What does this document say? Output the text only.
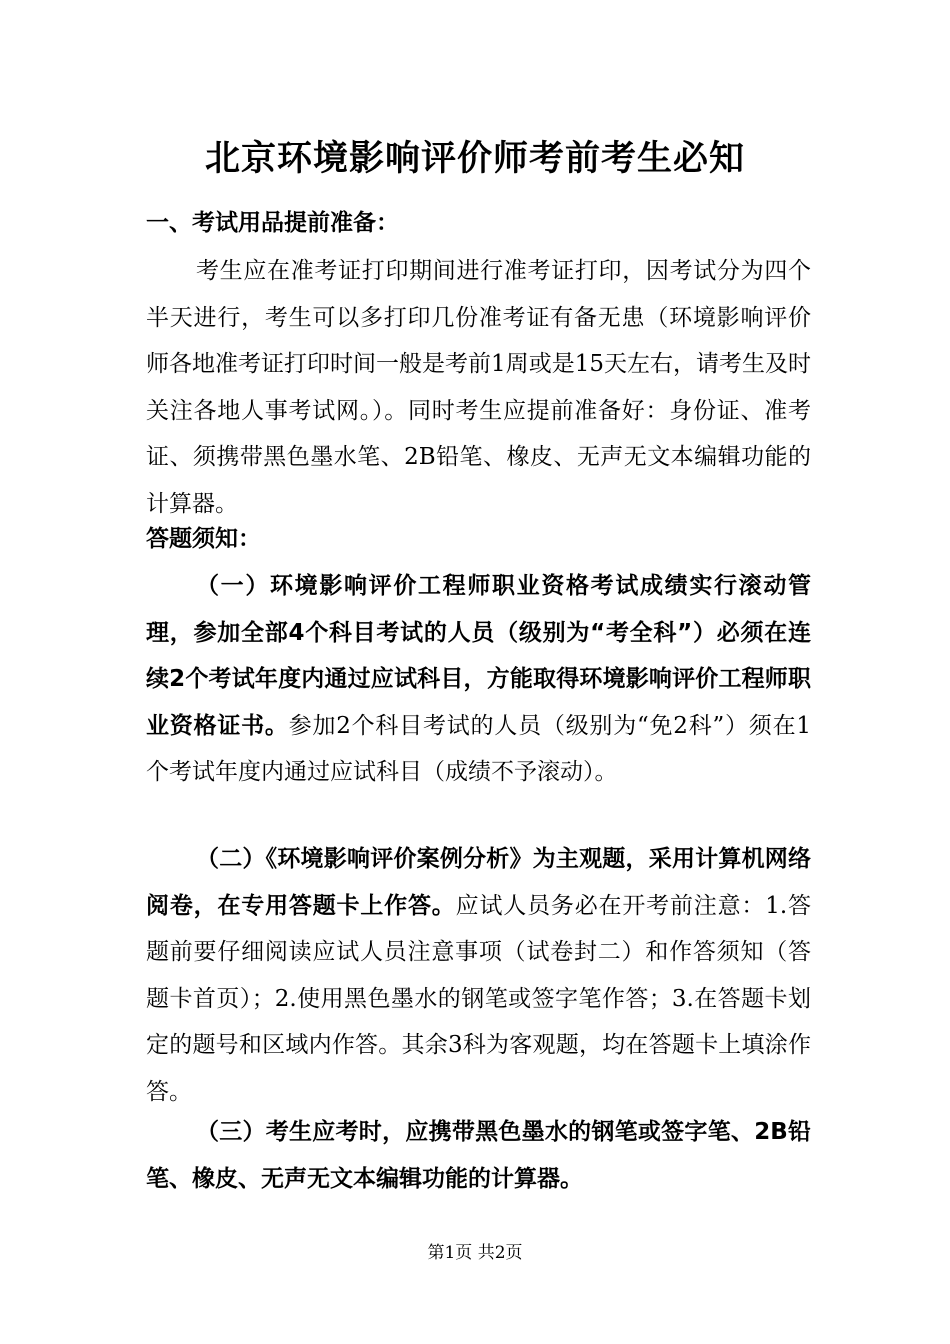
北京环境影响评价师考前考生必知
一、考试用品提前准备：

考生应在准考证打印期间进行准考证打印，因考试分为四个半天进行，考生可以多打印几份准考证有备无患（环境影响评价师各地准考证打印时间一般是考前1周或是15天左右，请考生及时关注各地人事考试网。）。同时考生应提前准备好：身份证、准考证、须携带黑色墨水笔、2B铅笔、橡皮、无声无文本编辑功能的计算器。

答题须知：

（一）环境影响评价工程师职业资格考试成绩实行滚动管理，参加全部4个科目考试的人员（级别为“考全科”）必须在连续2个考试年度内通过应试科目，方能取得环境影响评价工程师职业资格证书。参加2个科目考试的人员（级别为“免2科”）须在1个考试年度内通过应试科目（成绩不予滚动）。

（二）《环境影响评价案例分析》为主观题，采用计算机网络阅卷，在专用答题卡上作答。应试人员务必在开考前注意：1.答题前要仔细阅读应试人员注意事项（试卷封二）和作答须知（答题卡首页）；2.使用黑色墨水的钢笔或签字笔作答；3.在答题卡划定的题号和区域内作答。其余3科为客观题，均在答题卡上填涂作答。

（三）考生应考时，应携带黑色墨水的钢笔或签字笔、2B铅笔、橡皮、无声无文本编辑功能的计算器。

第1页 共2页
